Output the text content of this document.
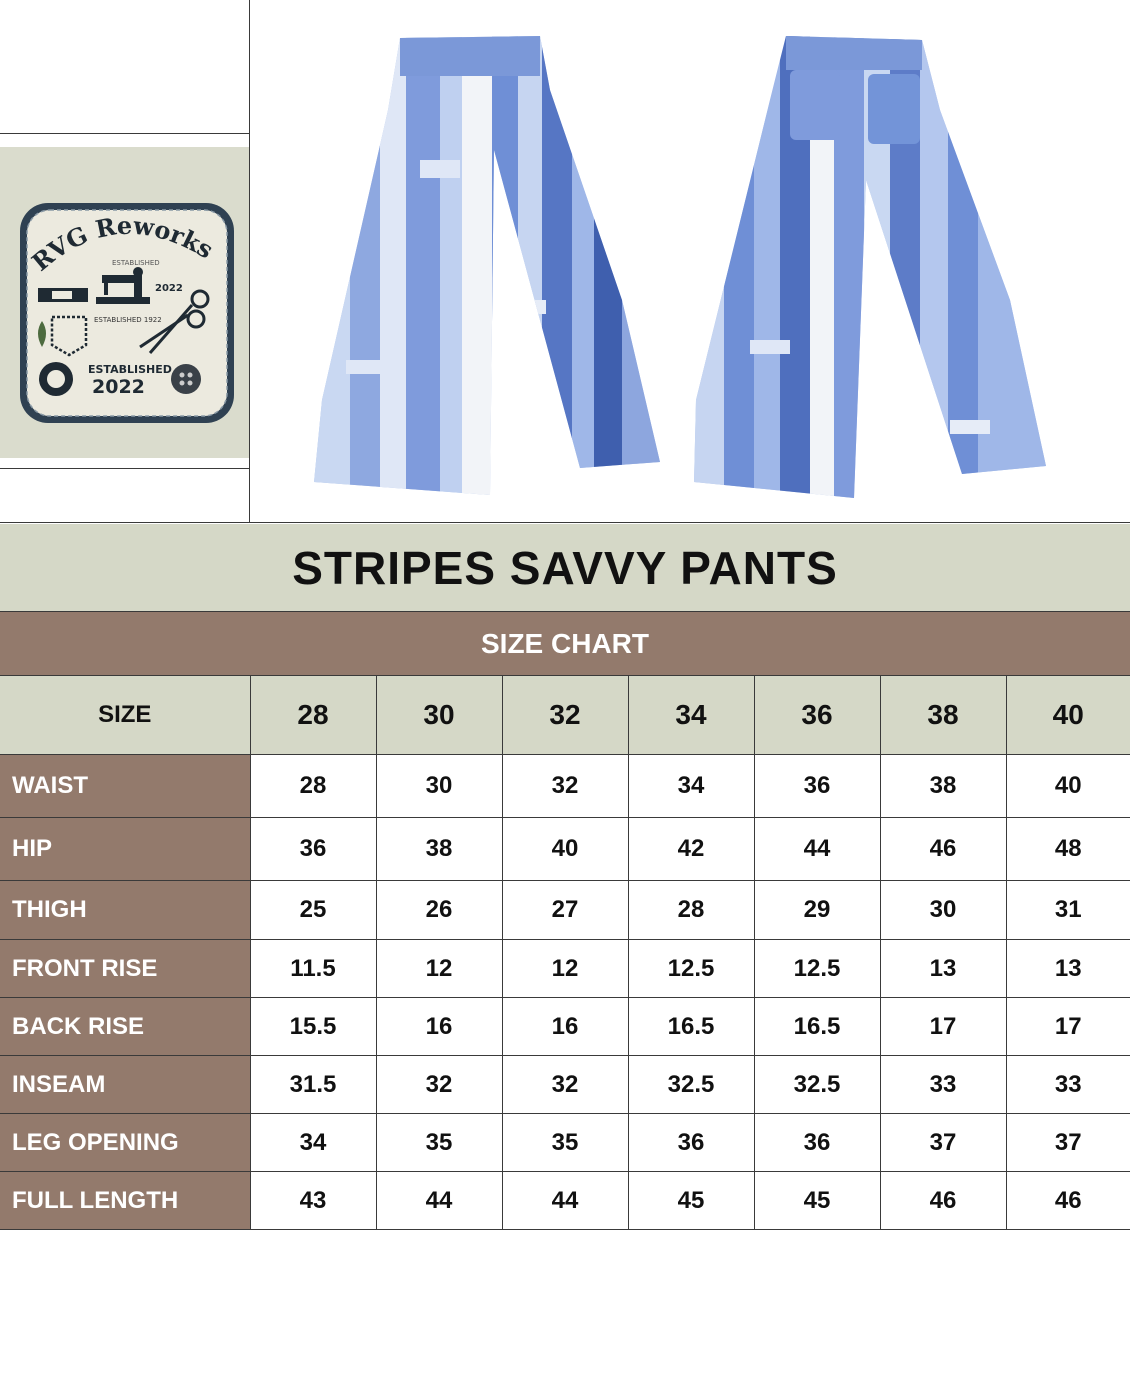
RVG Reworks
ESTABLISHED
2022
ESTABLISHED 1922
ESTABLISHED
2022
STRIPES SAVVY PANTS
SIZE CHART
SIZE	28	30	32	34	36	38	40
WAIST	28	30	32	34	36	38	40
HIP	36	38	40	42	44	46	48
THIGH	25	26	27	28	29	30	31
FRONT RISE	11.5	12	12	12.5	12.5	13	13
BACK RISE	15.5	16	16	16.5	16.5	17	17
INSEAM	31.5	32	32	32.5	32.5	33	33
LEG OPENING	34	35	35	36	36	37	37
FULL LENGTH	43	44	44	45	45	46	46
